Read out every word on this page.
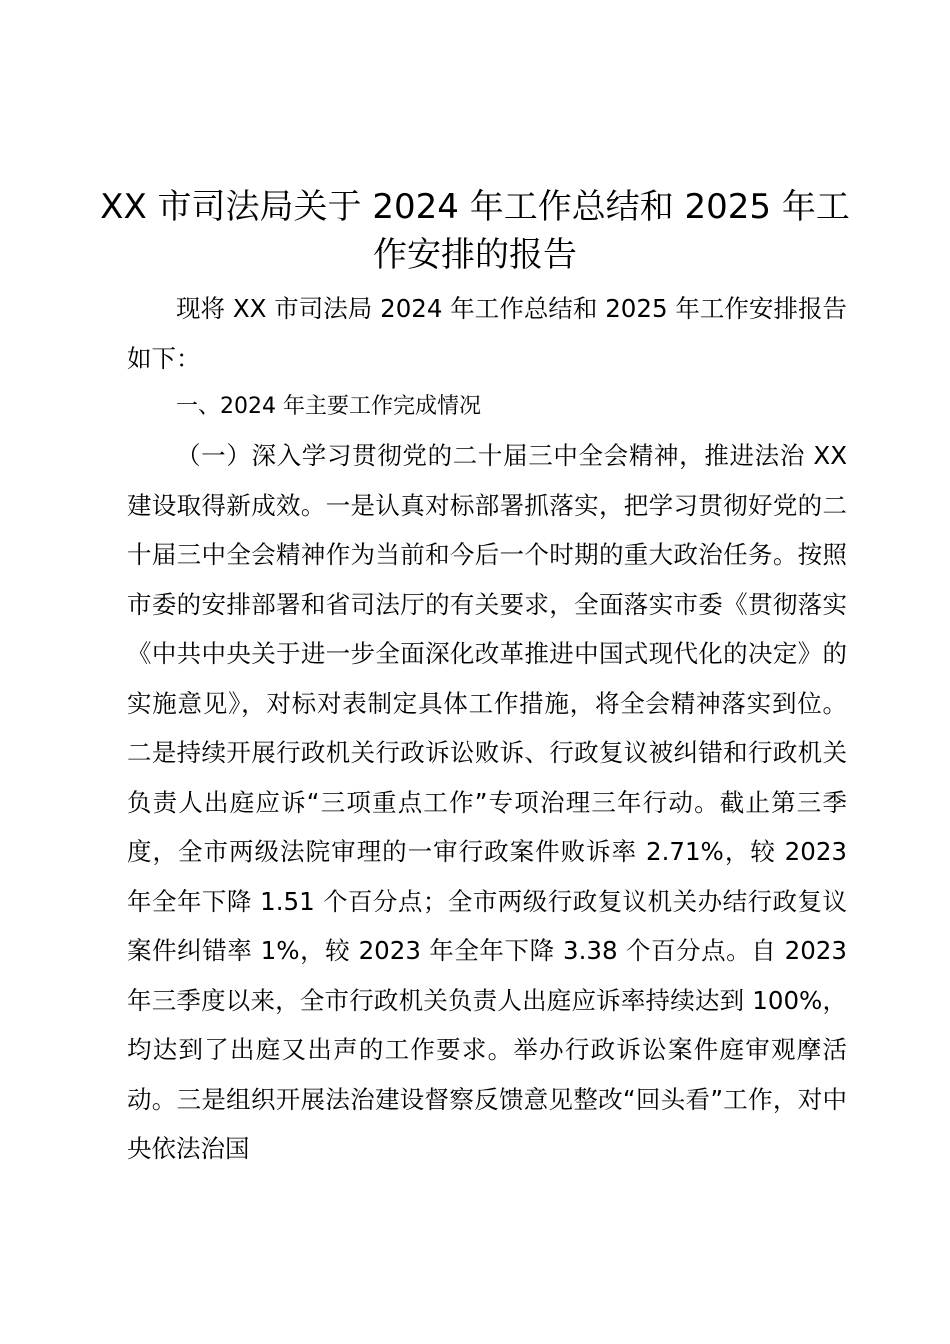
XX 市司法局关于 2024 年工作总结和 2025 年工作安排的报告

现将 XX 市司法局 2024 年工作总结和 2025 年工作安排报告如下：

一、2024 年主要工作完成情况

（一）深入学习贯彻党的二十届三中全会精神，推进法治 XX 建设取得新成效。一是认真对标部署抓落实，把学习贯彻好党的二十届三中全会精神作为当前和今后一个时期的重大政治任务。按照市委的安排部署和省司法厅的有关要求，全面落实市委《贯彻落实《中共中央关于进一步全面深化改革推进中国式现代化的决定》的实施意见》，对标对表制定具体工作措施，将全会精神落实到位。二是持续开展行政机关行政诉讼败诉、行政复议被纠错和行政机关负责人出庭应诉“三项重点工作”专项治理三年行动。截止第三季度，全市两级法院审理的一审行政案件败诉率 2.71%，较 2023 年全年下降 1.51 个百分点；全市两级行政复议机关办结行政复议案件纠错率 1%，较 2023 年全年下降 3.38 个百分点。自 2023 年三季度以来，全市行政机关负责人出庭应诉率持续达到 100%，均达到了出庭又出声的工作要求。举办行政诉讼案件庭审观摩活动。三是组织开展法治建设督察反馈意见整改“回头看”工作，对中央依法治国
